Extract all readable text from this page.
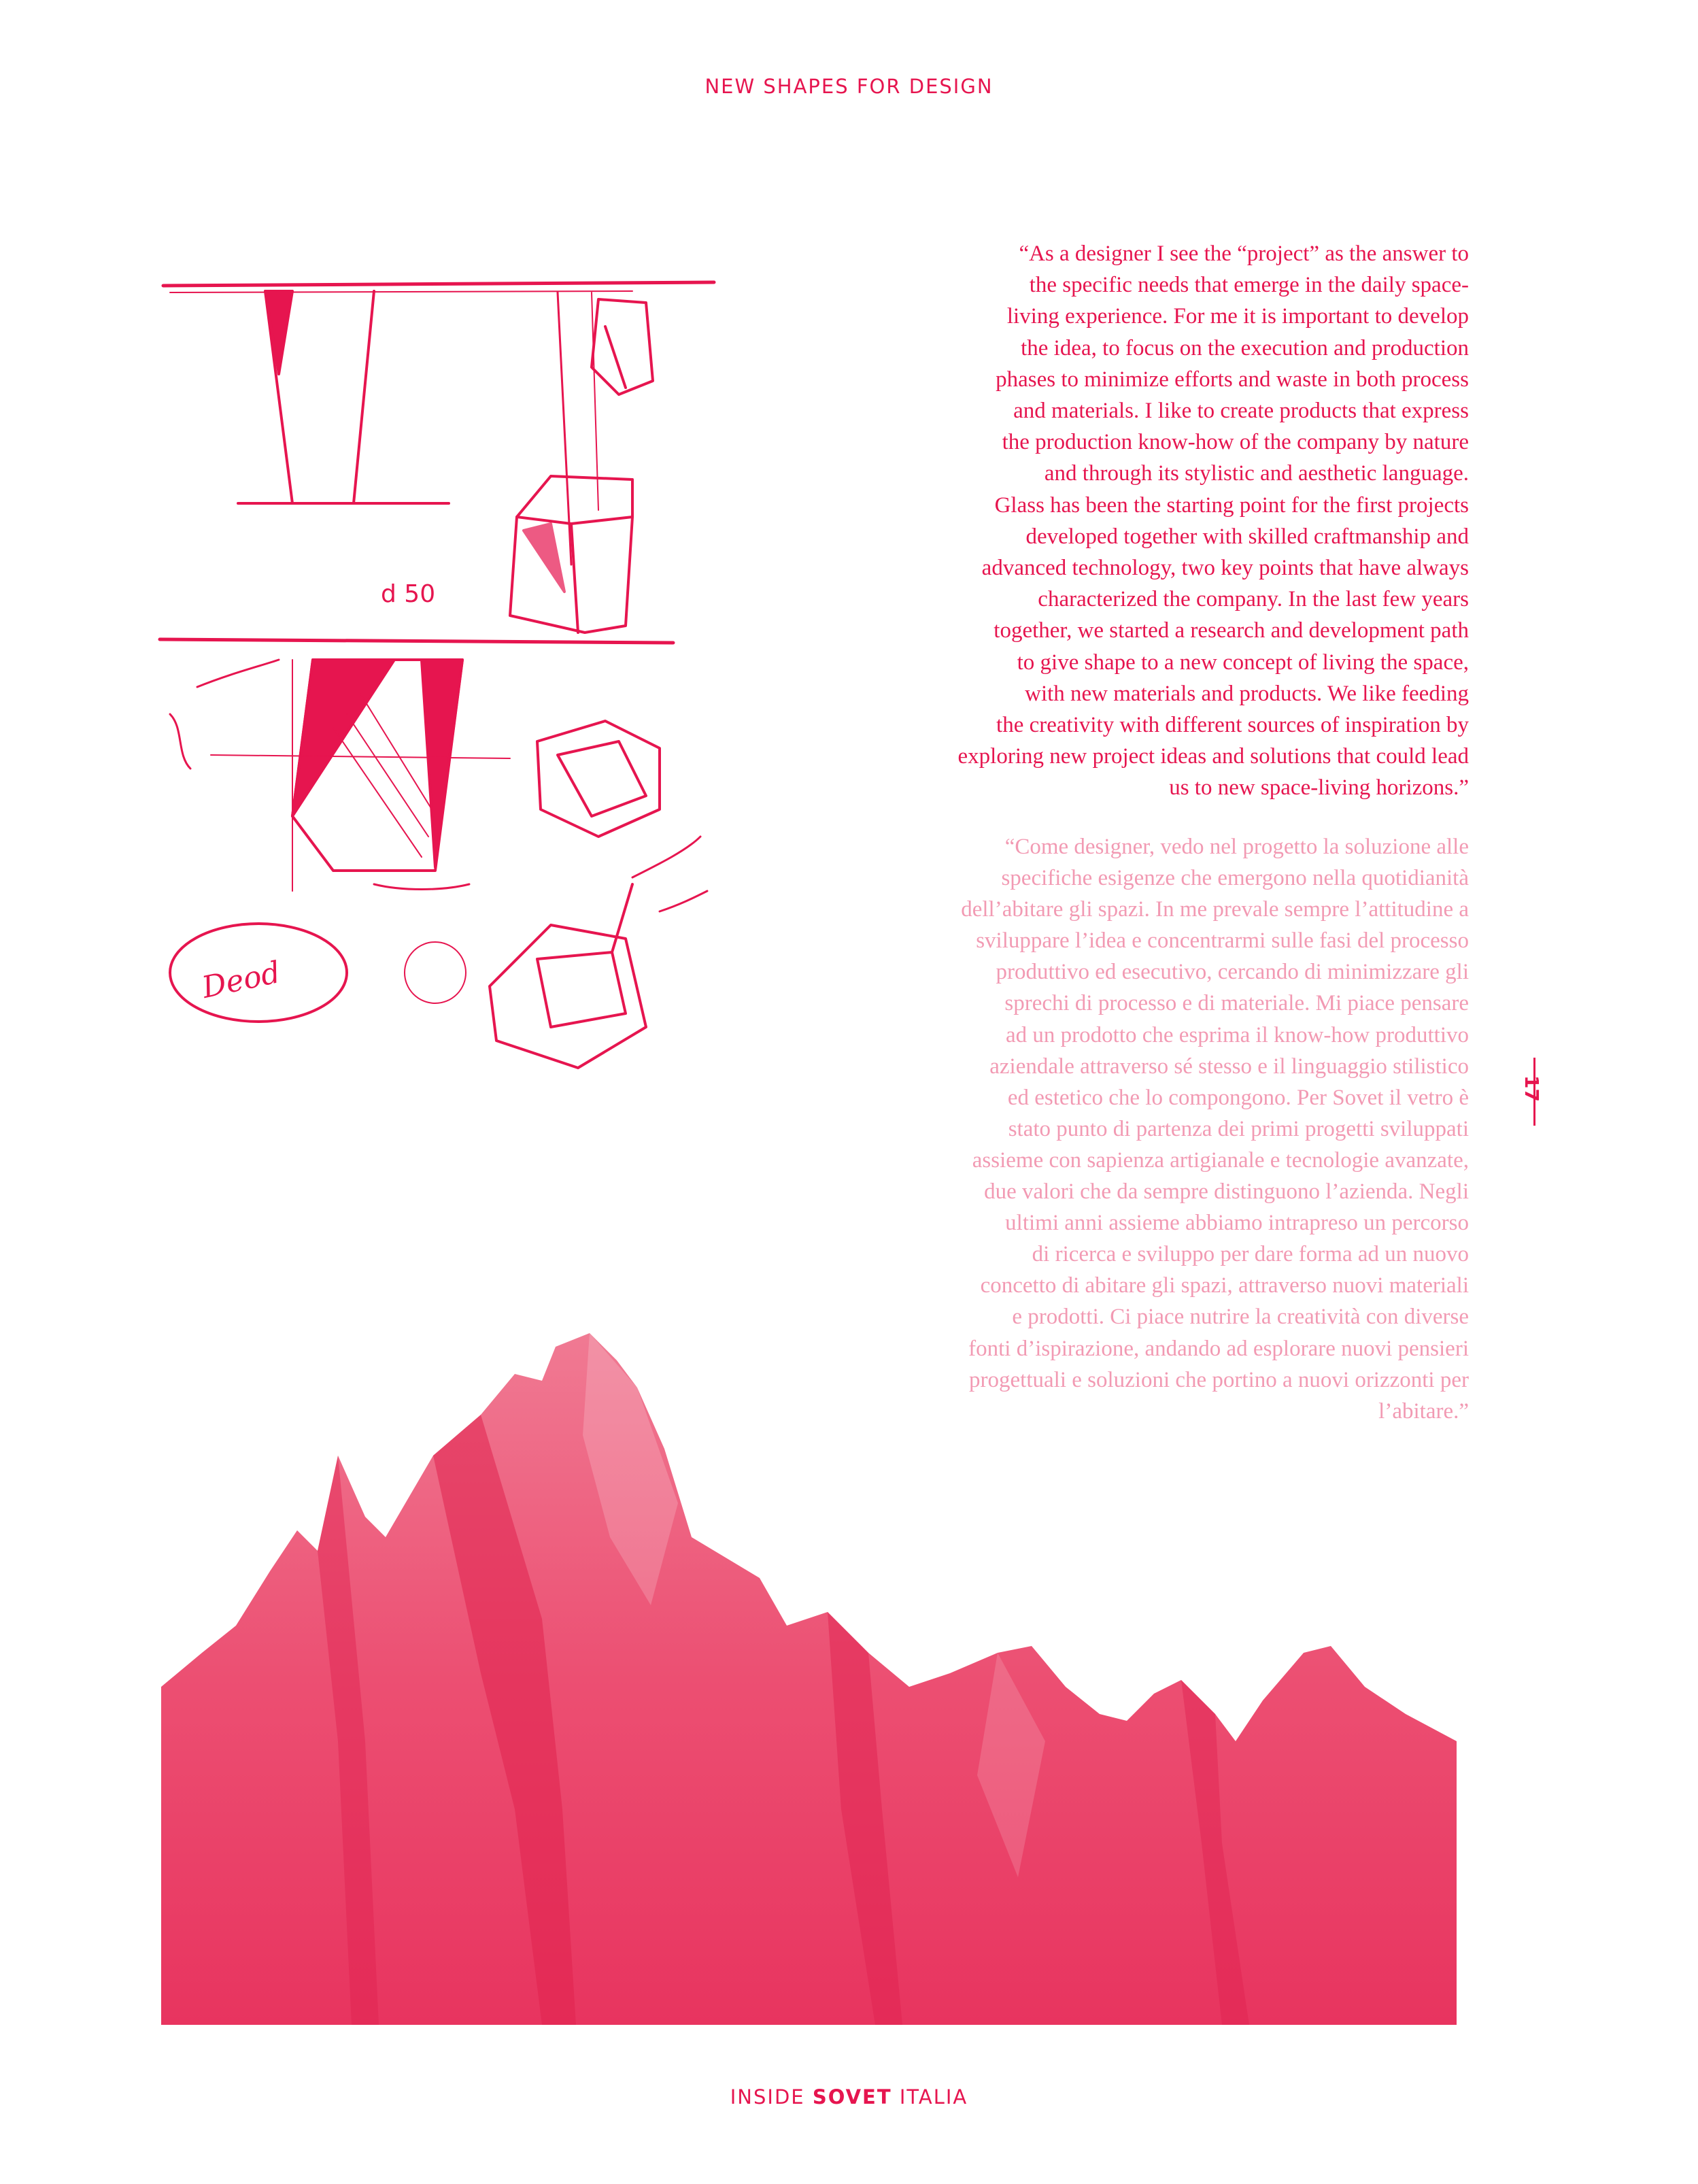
NEW SHAPES FOR DESIGN
d 50
Deod
“As a designer I see the “project” as the answer to
the specific needs that emerge in the daily space-
living experience. For me it is important to develop
the idea, to focus on the execution and production
phases to minimize efforts and waste in both process
and materials. I like to create products that express
the production know-how of the company by nature
and through its stylistic and aesthetic language.
Glass has been the starting point for the first projects
developed together with skilled craftmanship and
advanced technology, two key points that have always
characterized the company. In the last few years
together, we started a research and development path
to give shape to a new concept of living the space,
with new materials and products. We like feeding
the creativity with different sources of inspiration by
exploring new project ideas and solutions that could lead
us to new space-living horizons.”
“Come designer, vedo nel progetto la soluzione alle
specifiche esigenze che emergono nella quotidianità
dell’abitare gli spazi. In me prevale sempre l’attitudine a
sviluppare l’idea e concentrarmi sulle fasi del processo
produttivo ed esecutivo, cercando di minimizzare gli
sprechi di processo e di materiale. Mi piace pensare
ad un prodotto che esprima il know-how produttivo
aziendale attraverso sé stesso e il linguaggio stilistico
ed estetico che lo compongono. Per Sovet il vetro è
stato punto di partenza dei primi progetti sviluppati
assieme con sapienza artigianale e tecnologie avanzate,
due valori che da sempre distinguono l’azienda. Negli
ultimi anni assieme abbiamo intrapreso un percorso
di ricerca e sviluppo per dare forma ad un nuovo
concetto di abitare gli spazi, attraverso nuovi materiali
e prodotti. Ci piace nutrire la creatività con diverse
fonti d’ispirazione, andando ad esplorare nuovi pensieri
progettuali e soluzioni che portino a nuovi orizzonti per
l’abitare.”
17
INSIDE SOVET ITALIA
